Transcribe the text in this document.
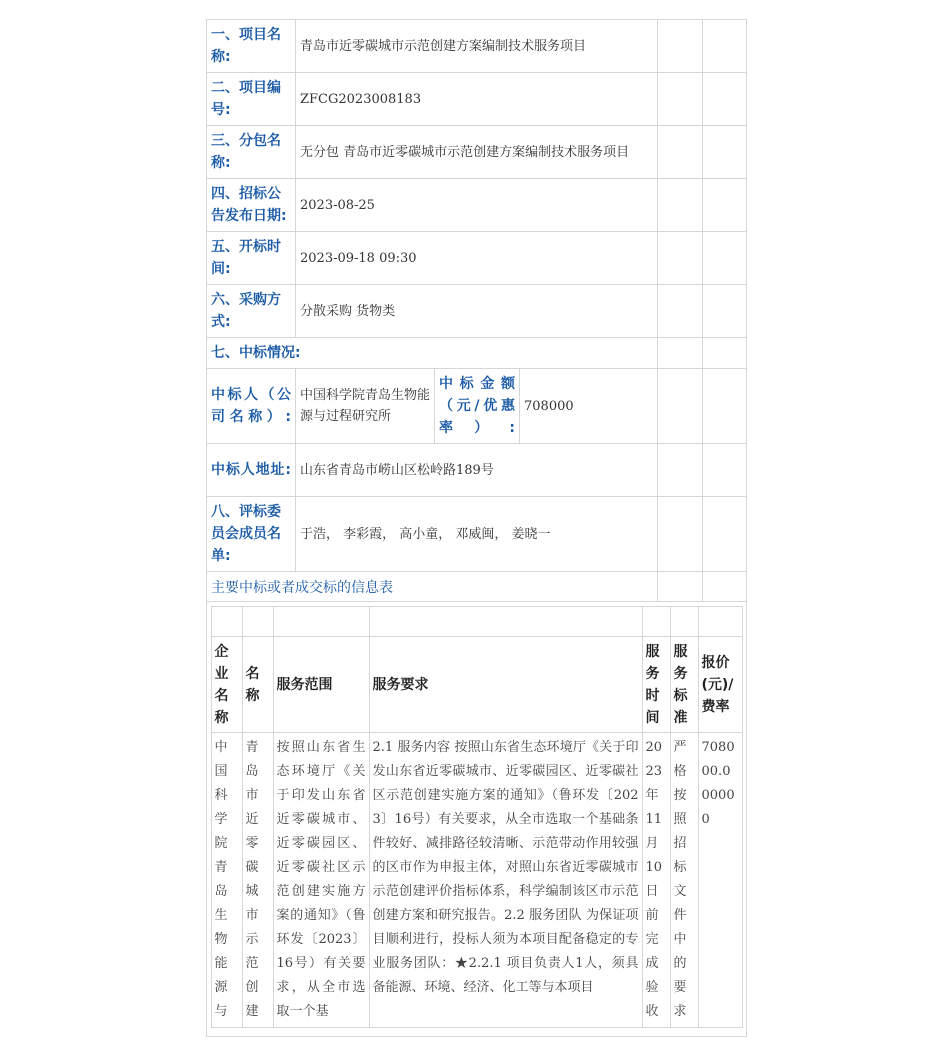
一、项目名称:	青岛市近零碳城市示范创建方案编制技术服务项目		
二、项目编号:	ZFCG2023008183		
三、分包名称:	无分包 青岛市近零碳城市示范创建方案编制技术服务项目		
四、招标公告发布日期:	2023-08-25		
五、开标时间:	2023-09-18 09:30		
六、采购方式:	分散采购 货物类		
七、中标情况:		
中标人（公司名称）:	中国科学院青岛生物能源与过程研究所	中标金额（元/优惠率）:	708000		
中标人地址:	山东省青岛市崂山区松岭路189号		
八、评标委员会成员名单:	于浩， 李彩霞， 高小童， 邓威闽， 姜晓一		
主要中标或者成交标的信息表		

企业名称	名称	服务范围	服务要求	服务时间	服务标准	报价(元)/费率
中国科学院青岛生物能源与	青岛市近零碳城市示范创建	按照山东省生态环境厅《关于印发山东省近零碳城市、近零碳园区、近零碳社区示范创建实施方案的通知》（鲁环发〔2023〕16号）有关要求，从全市选取一个基	2.1 服务内容 按照山东省生态环境厅《关于印发山东省近零碳城市、近零碳园区、近零碳社区示范创建实施方案的通知》（鲁环发〔2023〕16号）有关要求，从全市选取一个基础条件较好、减排路径较清晰、示范带动作用较强的区市作为申报主体，对照山东省近零碳城市示范创建评价指标体系，科学编制该区市示范创建方案和研究报告。2.2 服务团队 为保证项目顺利进行，投标人须为本项目配备稳定的专业服务团队：★2.2.1 项目负责人1人，须具备能源、环境、经济、化工等与本项目	2023年11月10日前完成验收	严格按照招标文件中的要求	708000.000000
